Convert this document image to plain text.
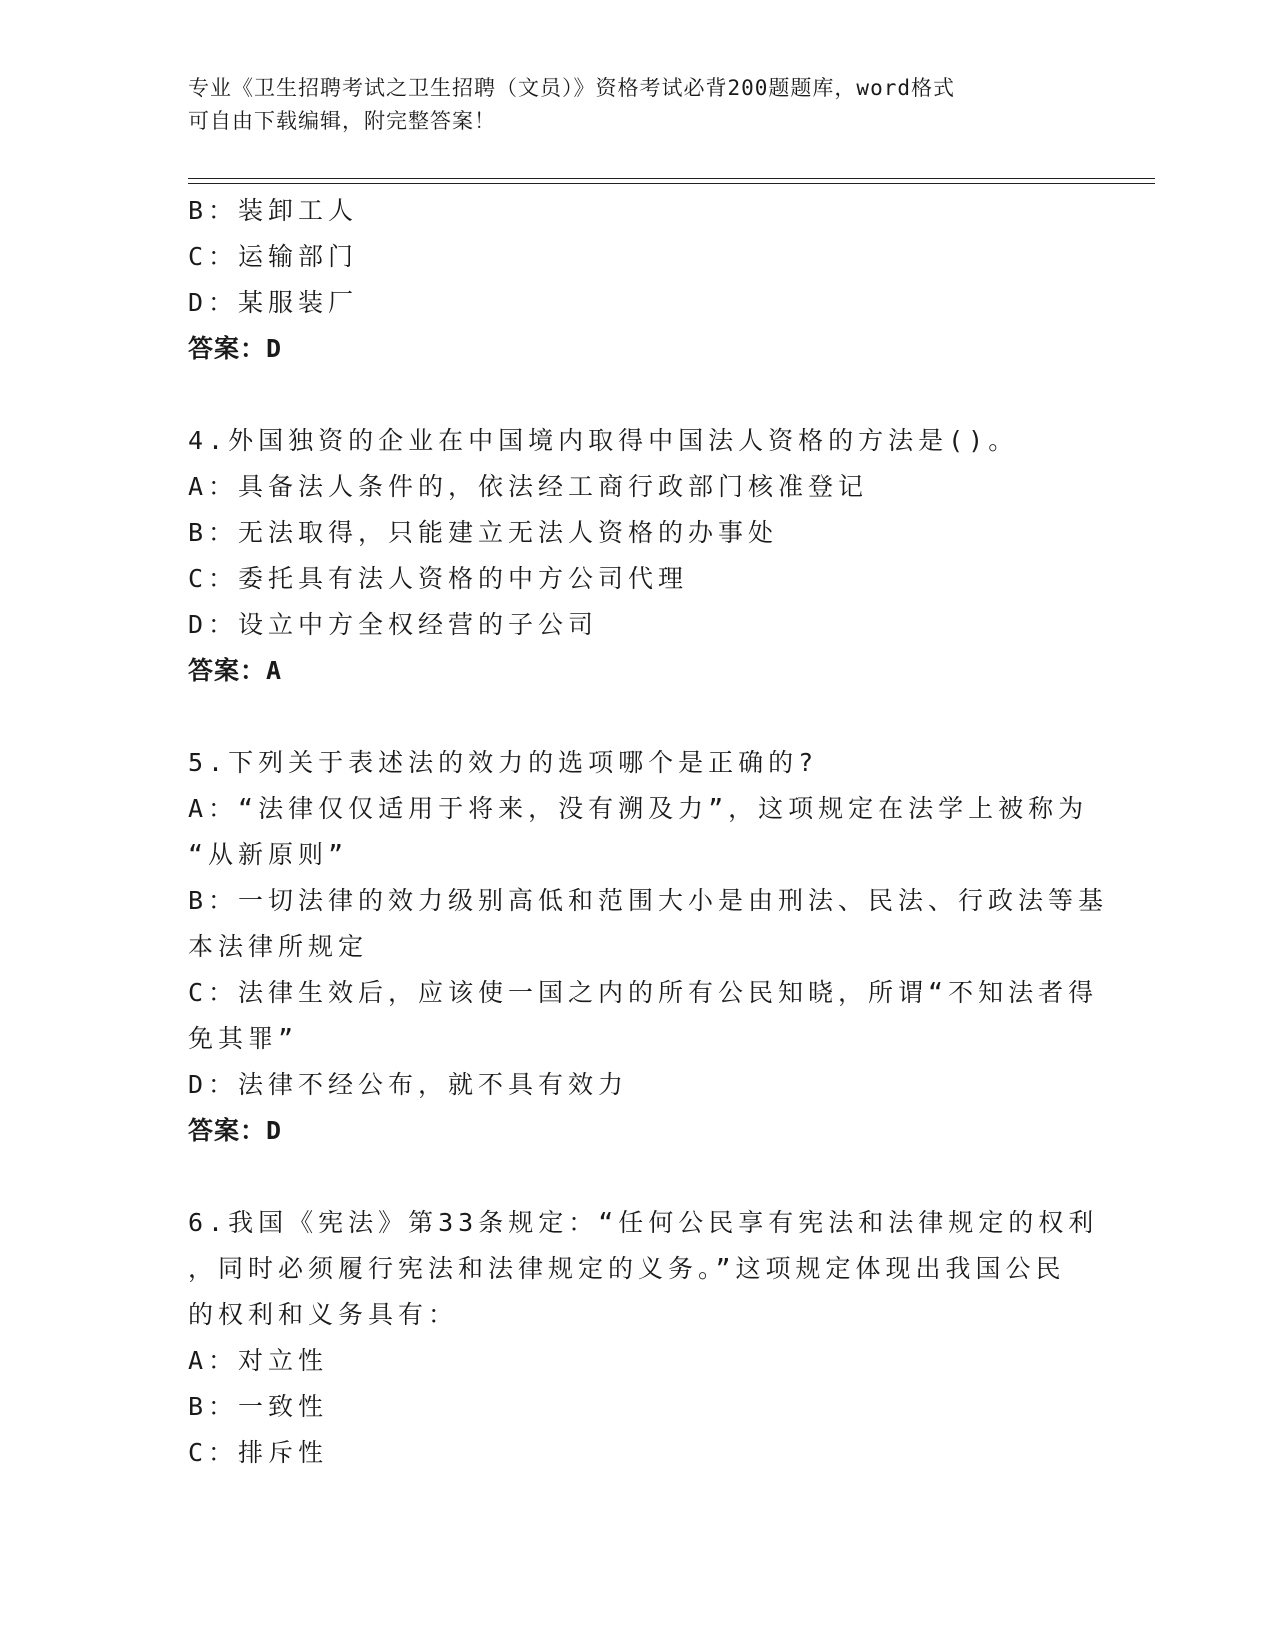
专业《卫生招聘考试之卫生招聘（文员）》资格考试必背200题题库，word格式
可自由下载编辑，附完整答案！
B：装卸工人
C：运输部门
D：某服装厂
答案：D
4.外国独资的企业在中国境内取得中国法人资格的方法是()。
A：具备法人条件的，依法经工商行政部门核准登记
B：无法取得，只能建立无法人资格的办事处
C：委托具有法人资格的中方公司代理
D：设立中方全权经营的子公司
答案：A
5.下列关于表述法的效力的选项哪个是正确的?
A：“法律仅仅适用于将来，没有溯及力”，这项规定在法学上被称为
“从新原则”
B：一切法律的效力级别高低和范围大小是由刑法、民法、行政法等基
本法律所规定
C：法律生效后，应该使一国之内的所有公民知晓，所谓“不知法者得
免其罪”
D：法律不经公布，就不具有效力
答案：D
6.我国《宪法》第33条规定：“任何公民享有宪法和法律规定的权利
，同时必须履行宪法和法律规定的义务。”这项规定体现出我国公民
的权利和义务具有：
A：对立性
B：一致性
C：排斥性
